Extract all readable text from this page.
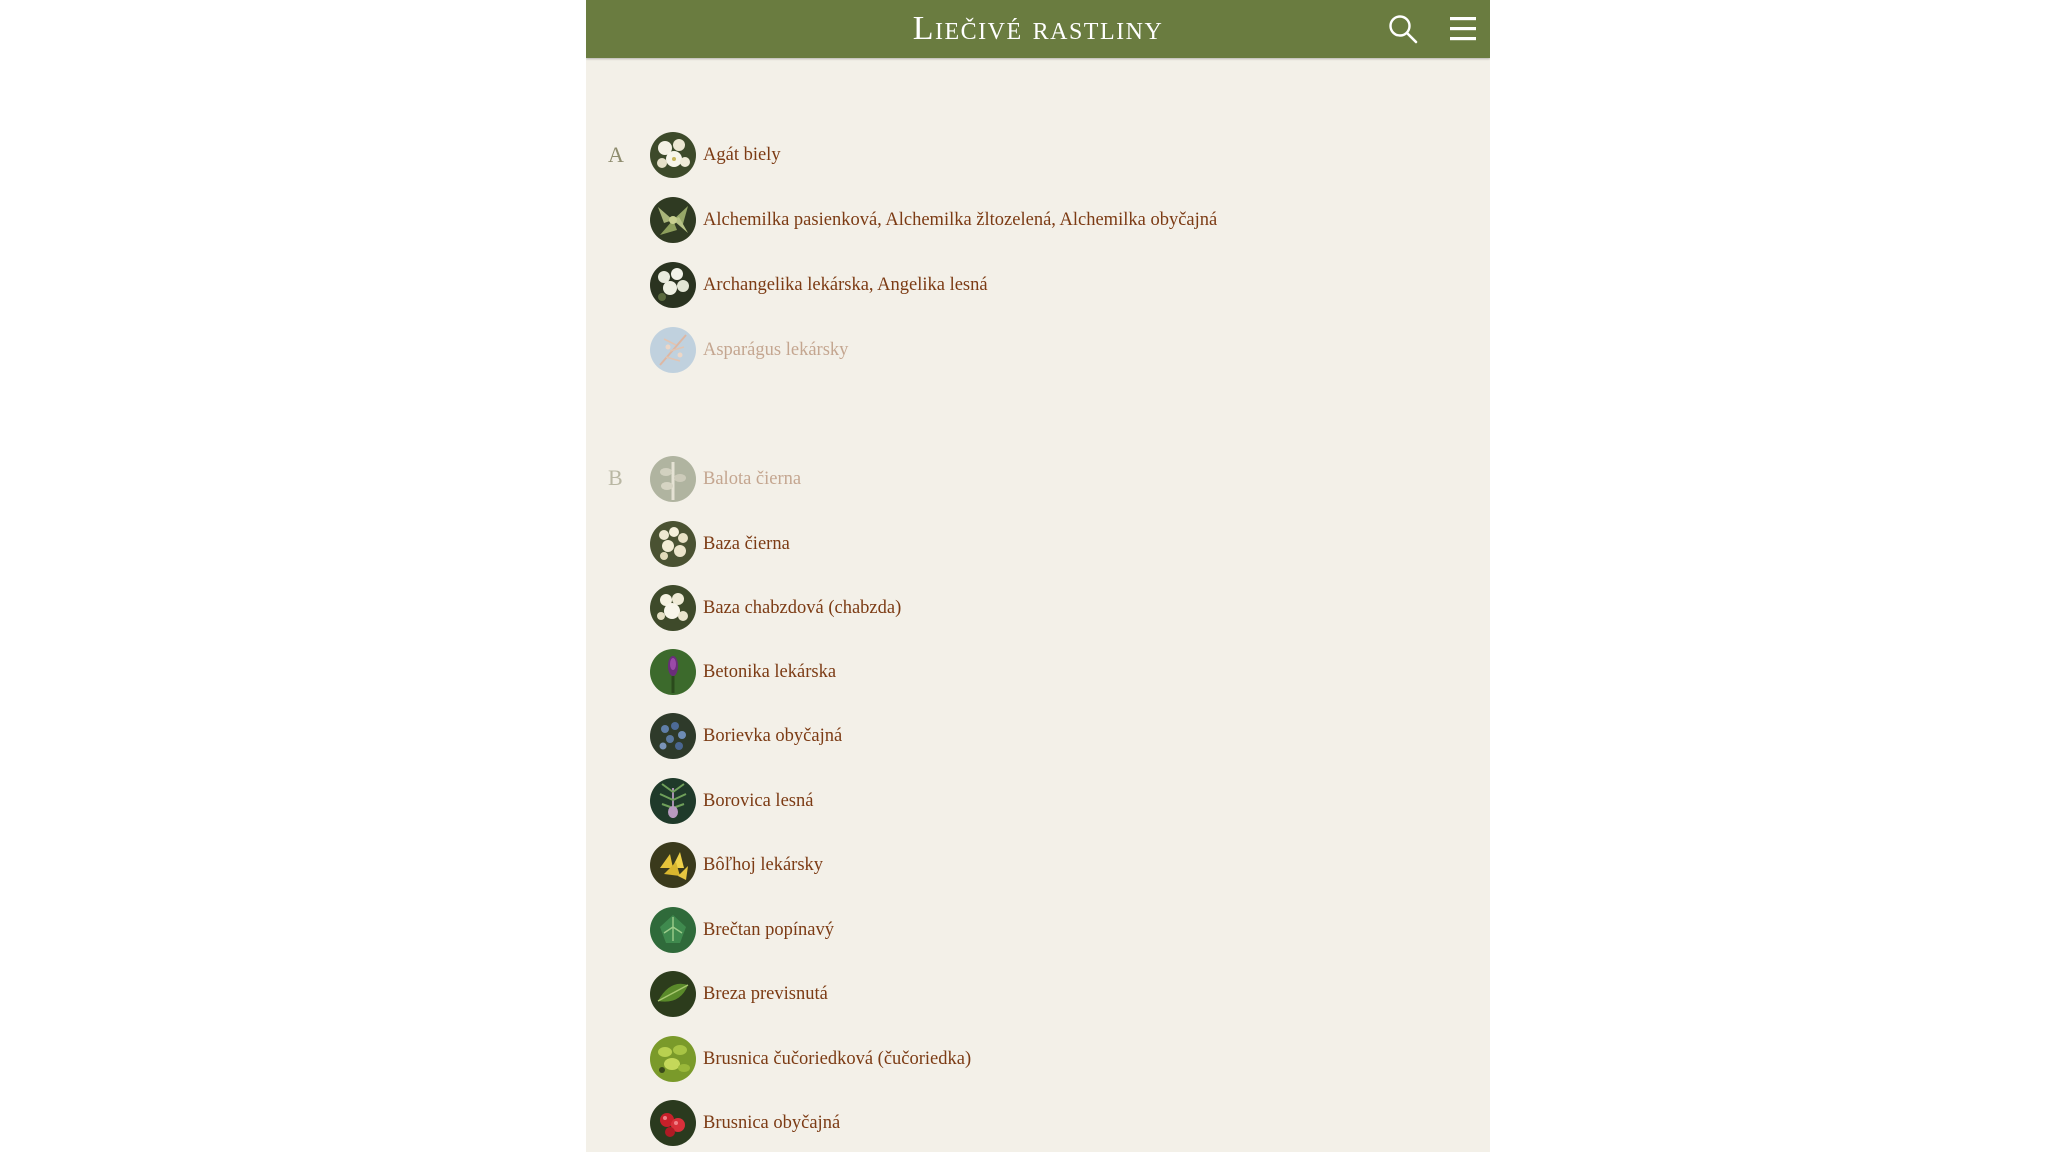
Liečivé rastliny
A	Agát biely
Alchemilka pasienková, Alchemilka žltozelená, Alchemilka obyčajná
Archangelika lekárska, Angelika lesná
Asparágus lekársky
B	Balota čierna
Baza čierna
Baza chabzdová (chabzda)
Betonika lekárska
Borievka obyčajná
Borovica lesná
Bôľhoj lekársky
Brečtan popínavý
Breza previsnutá
Brusnica čučoriedková (čučoriedka)
Brusnica obyčajná
